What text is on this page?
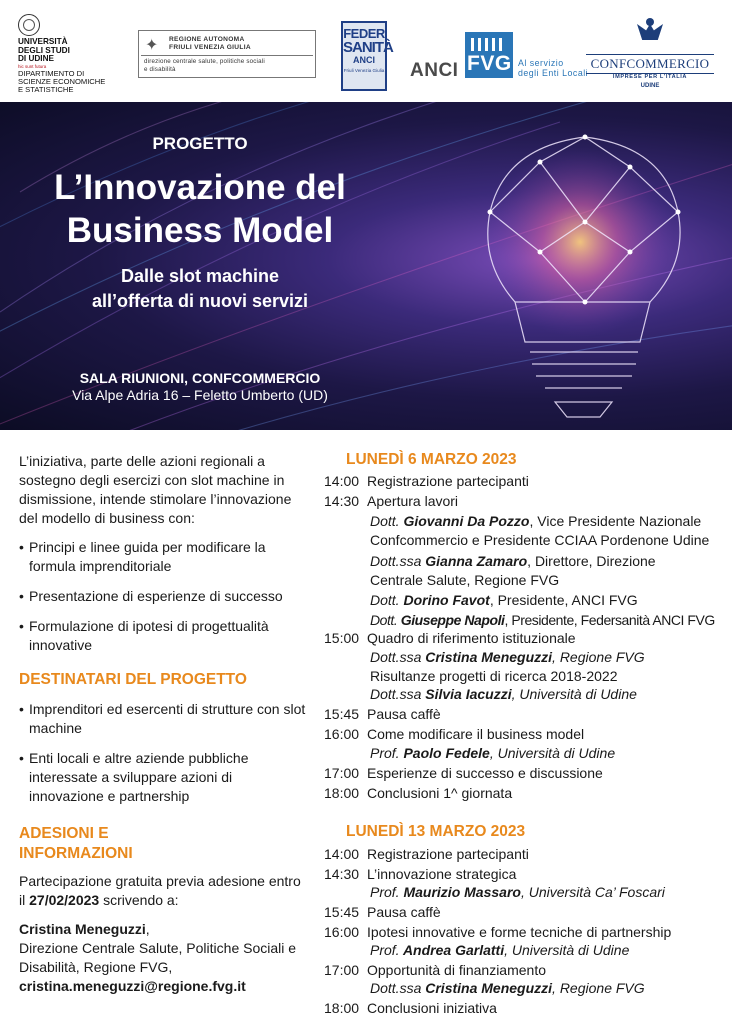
UNIVERSITÀ
DEGLI STUDI
DI UDINE
hic sunt futura
DIPARTIMENTO DI
SCIENZE ECONOMICHE
E STATISTICHE
✦ REGIONE AUTONOMA
FRIULI VENEZIA GIULIA
direzione centrale salute, politiche sociali
e disabilità
FEDER
SANITÀ
ANCI
Friuli Venezia Giulia ANCI FVG Al servizio
degli Enti Locali
CONFCOMMERCIO
IMPRESE PER L'ITALIA
UDINE
PROGETTO
L’Innovazione del
Business Model
Dalle slot machine
all’offerta di nuovi servizi
SALA RIUNIONI, CONFCOMMERCIO
Via Alpe Adria 16 – Feletto Umberto (UD)

L’iniziativa, parte delle azioni regionali a sostegno degli esercizi con slot machine in dismissione, intende stimolare l’innovazione del modello di business con:

• Principi e linee guida per modificare la formula imprenditoriale
• Presentazione di esperienze di successo
• Formulazione di ipotesi di progettualità innovative

DESTINATARI DEL PROGETTO

• Imprenditori ed esercenti di strutture con slot machine
• Enti locali e altre aziende pubbliche interessate a sviluppare azioni di innovazione e partnership

ADESIONI E
INFORMAZIONI

Partecipazione gratuita previa adesione entro il 27/02/2023 scrivendo a:

Cristina Meneguzzi,
Direzione Centrale Salute, Politiche Sociali e Disabilità, Regione FVG,
cristina.meneguzzi@regione.fvg.it

LUNEDÌ 6 MARZO 2023
14:00 Registrazione partecipanti
14:30 Apertura lavori
Dott. Giovanni Da Pozzo, Vice Presidente Nazionale
Confcommercio e Presidente CCIAA Pordenone Udine
Dott.ssa Gianna Zamaro, Direttore, Direzione
Centrale Salute, Regione FVG
Dott. Dorino Favot, Presidente, ANCI FVG
Dott. Giuseppe Napoli, Presidente, Federsanità ANCI FVG
15:00 Quadro di riferimento istituzionale
Dott.ssa Cristina Meneguzzi, Regione FVG
Risultanze progetti di ricerca 2018-2022
Dott.ssa Silvia Iacuzzi, Università di Udine
15:45 Pausa caffè
16:00 Come modificare il business model
Prof. Paolo Fedele, Università di Udine
17:00 Esperienze di successo e discussione
18:00 Conclusioni 1^ giornata
LUNEDÌ 13 MARZO 2023
14:00 Registrazione partecipanti
14:30 L’innovazione strategica
Prof. Maurizio Massaro, Università Ca’ Foscari
15:45 Pausa caffè
16:00 Ipotesi innovative e forme tecniche di partnership
Prof. Andrea Garlatti, Università di Udine
17:00 Opportunità di finanziamento
Dott.ssa Cristina Meneguzzi, Regione FVG
18:00 Conclusioni iniziativa
